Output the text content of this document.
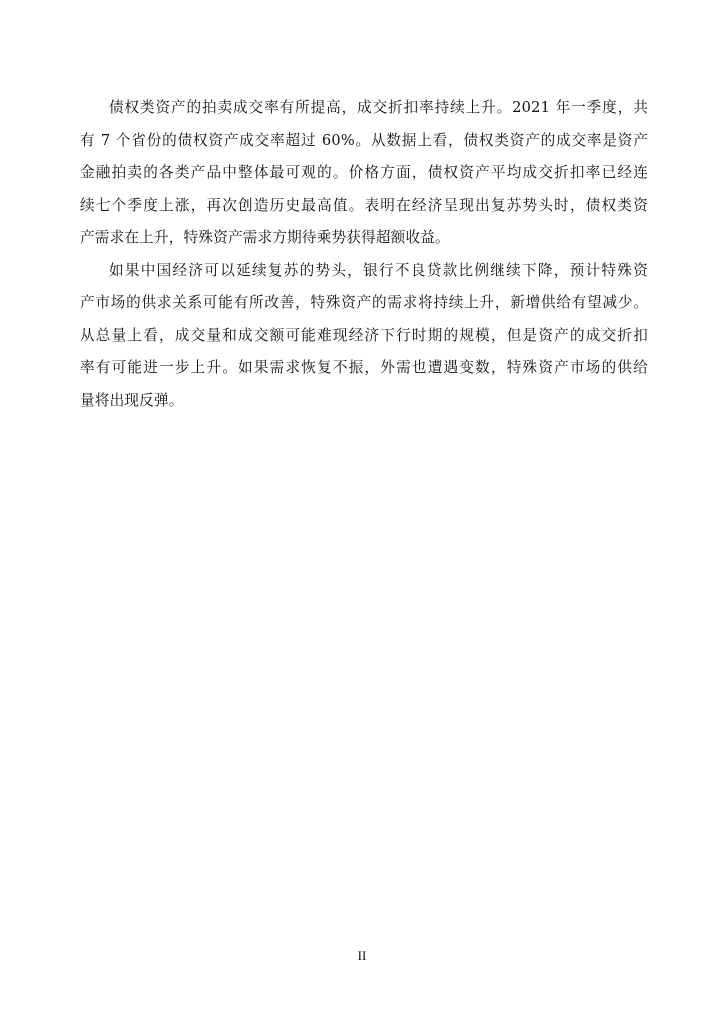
债权类资产的拍卖成交率有所提高，成交折扣率持续上升。2021 年一季度，共
有 7 个省份的债权资产成交率超过 60%。从数据上看，债权类资产的成交率是资产
金融拍卖的各类产品中整体最可观的。价格方面，债权资产平均成交折扣率已经连
续七个季度上涨，再次创造历史最高值。表明在经济呈现出复苏势头时，债权类资
产需求在上升，特殊资产需求方期待乘势获得超额收益。
如果中国经济可以延续复苏的势头，银行不良贷款比例继续下降，预计特殊资
产市场的供求关系可能有所改善，特殊资产的需求将持续上升，新增供给有望减少。
从总量上看，成交量和成交额可能难现经济下行时期的规模，但是资产的成交折扣
率有可能进一步上升。如果需求恢复不振，外需也遭遇变数，特殊资产市场的供给
量将出现反弹。
II
